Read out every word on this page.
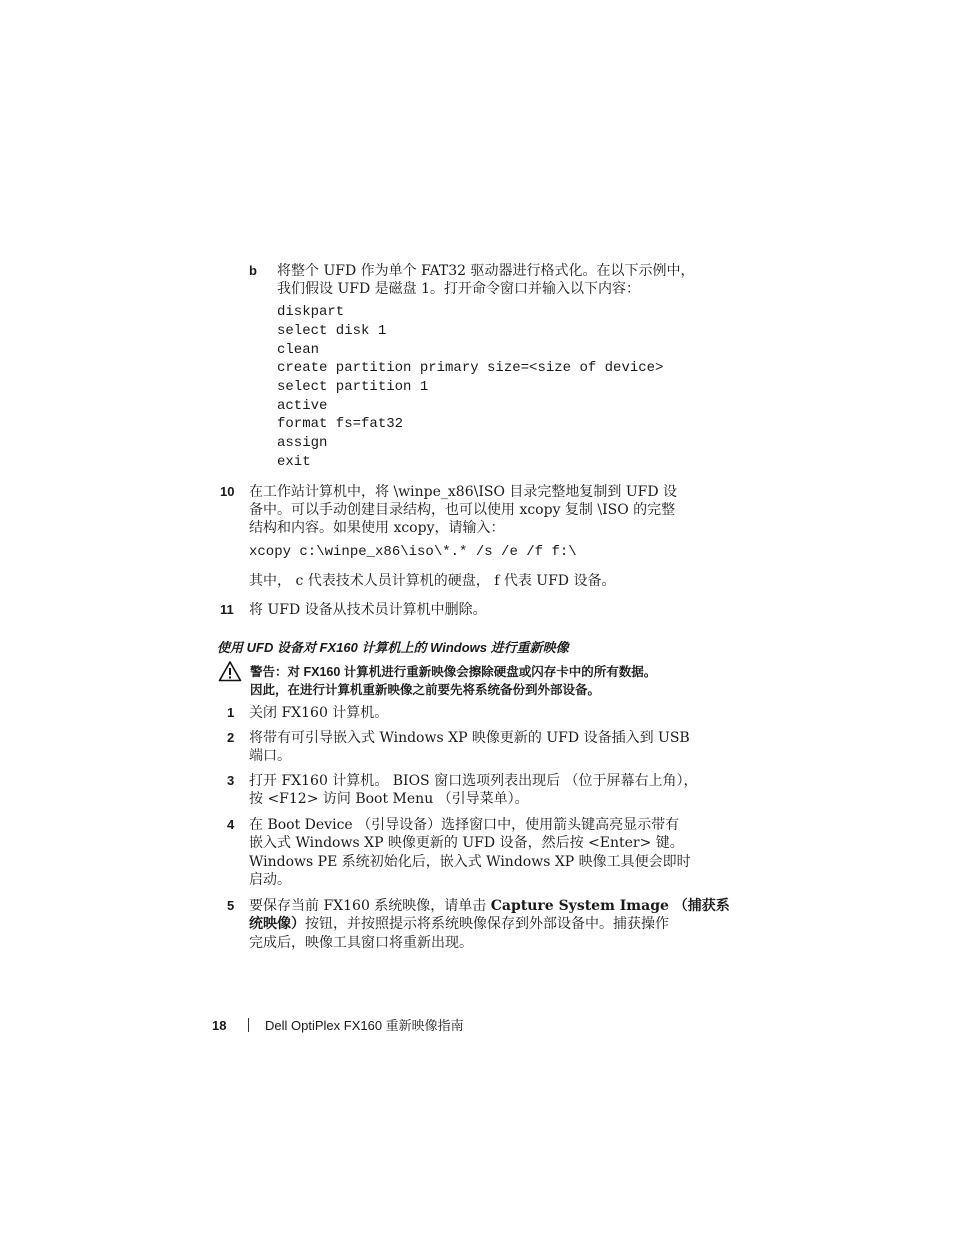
b 将整个 UFD 作为单个 FAT32 驱动器进行格式化。在以下示例中，
我们假设 UFD 是磁盘 1。打开命令窗口并输入以下内容：
diskpart
select disk 1
clean
create partition primary size=<size of device>
select partition 1
active
format fs=fat32
assign
exit
10 在工作站计算机中，将 \winpe_x86\ISO 目录完整地复制到 UFD 设
备中。可以手动创建目录结构，也可以使用 xcopy 复制 \ISO 的完整
结构和内容。如果使用 xcopy，请输入：
xcopy c:\winpe_x86\iso\*.* /s /e /f f:\
其中， c 代表技术人员计算机的硬盘， f 代表 UFD 设备。
11 将 UFD 设备从技术员计算机中删除。
使用 UFD 设备对 FX160 计算机上的 Windows 进行重新映像
警告：对 FX160 计算机进行重新映像会擦除硬盘或闪存卡中的所有数据。
因此，在进行计算机重新映像之前要先将系统备份到外部设备。
1 关闭 FX160 计算机。
2 将带有可引导嵌入式 Windows XP 映像更新的 UFD 设备插入到 USB
端口。
3 打开 FX160 计算机。 BIOS 窗口选项列表出现后 （位于屏幕右上角），
按 <F12> 访问 Boot Menu （引导菜单）。
4 在 Boot Device （引导设备）选择窗口中，使用箭头键高亮显示带有
嵌入式 Windows XP 映像更新的 UFD 设备，然后按 <Enter> 键。
Windows PE 系统初始化后，嵌入式 Windows XP 映像工具便会即时
启动。
5 要保存当前 FX160 系统映像，请单击 Capture System Image （捕获系
统映像）按钮，并按照提示将系统映像保存到外部设备中。捕获操作
完成后，映像工具窗口将重新出现。
18	Dell OptiPlex FX160 重新映像指南
